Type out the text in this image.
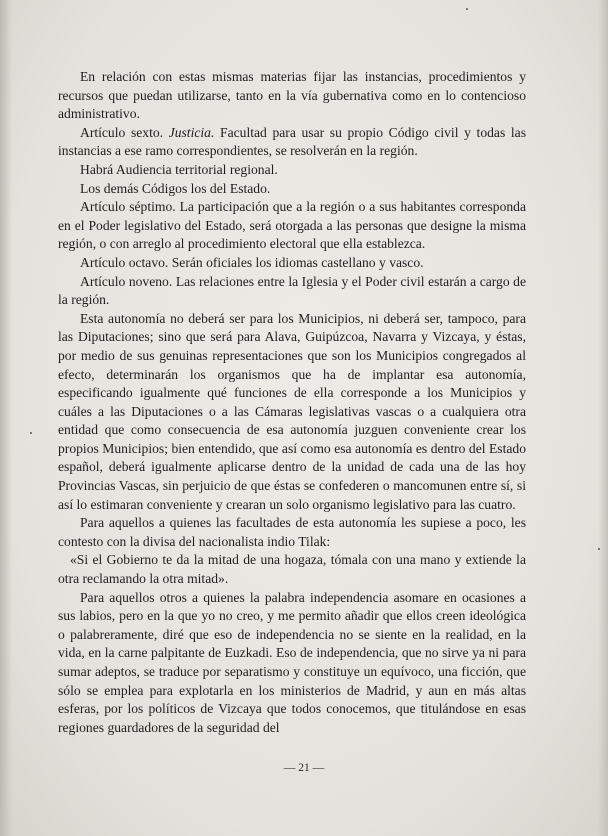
En relación con estas mismas materias fijar las instancias, procedimientos y recursos que puedan utilizarse, tanto en la vía gubernativa como en lo contencioso administrativo.

Artículo sexto. Justicia. Facultad para usar su propio Código civil y todas las instancias a ese ramo correspondientes, se resolverán en la región.

Habrá Audiencia territorial regional.

Los demás Códigos los del Estado.

Artículo séptimo. La participación que a la región o a sus habitantes corresponda en el Poder legislativo del Estado, será otorgada a las personas que designe la misma región, o con arreglo al procedimiento electoral que ella establezca.

Artículo octavo. Serán oficiales los idiomas castellano y vasco.

Artículo noveno. Las relaciones entre la Iglesia y el Poder civil estarán a cargo de la región.

Esta autonomía no deberá ser para los Municipios, ni deberá ser, tampoco, para las Diputaciones; sino que será para Alava, Guipúzcoa, Navarra y Vizcaya, y éstas, por medio de sus genuinas representaciones que son los Municipios congregados al efecto, determinarán los organismos que ha de implantar esa autonomía, especificando igualmente qué funciones de ella corresponde a los Municipios y cuáles a las Diputaciones o a las Cámaras legislativas vascas o a cualquiera otra entidad que como consecuencia de esa autonomía juzguen conveniente crear los propios Municipios; bien entendido, que así como esa autonomía es dentro del Estado español, deberá igualmente aplicarse dentro de la unidad de cada una de las hoy Provincias Vascas, sin perjuicio de que éstas se confederen o mancomunen entre sí, si así lo estimaran conveniente y crearan un solo organismo legislativo para las cuatro.

Para aquellos a quienes las facultades de esta autonomía les supiese a poco, les contesto con la divisa del nacionalista indio Tilak:

«Si el Gobierno te da la mitad de una hogaza, tómala con una mano y extiende la otra reclamando la otra mitad».

Para aquellos otros a quienes la palabra independencia asomare en ocasiones a sus labios, pero en la que yo no creo, y me permito añadir que ellos creen ideológica o palabreramente, diré que eso de independencia no se siente en la realidad, en la vida, en la carne palpitante de Euzkadi. Eso de independencia, que no sirve ya ni para sumar adeptos, se traduce por separatismo y constituye un equívoco, una ficción, que sólo se emplea para explotarla en los ministerios de Madrid, y aun en más altas esferas, por los políticos de Vizcaya que todos conocemos, que titulándose en esas regiones guardadores de la seguridad del

— 21 —
